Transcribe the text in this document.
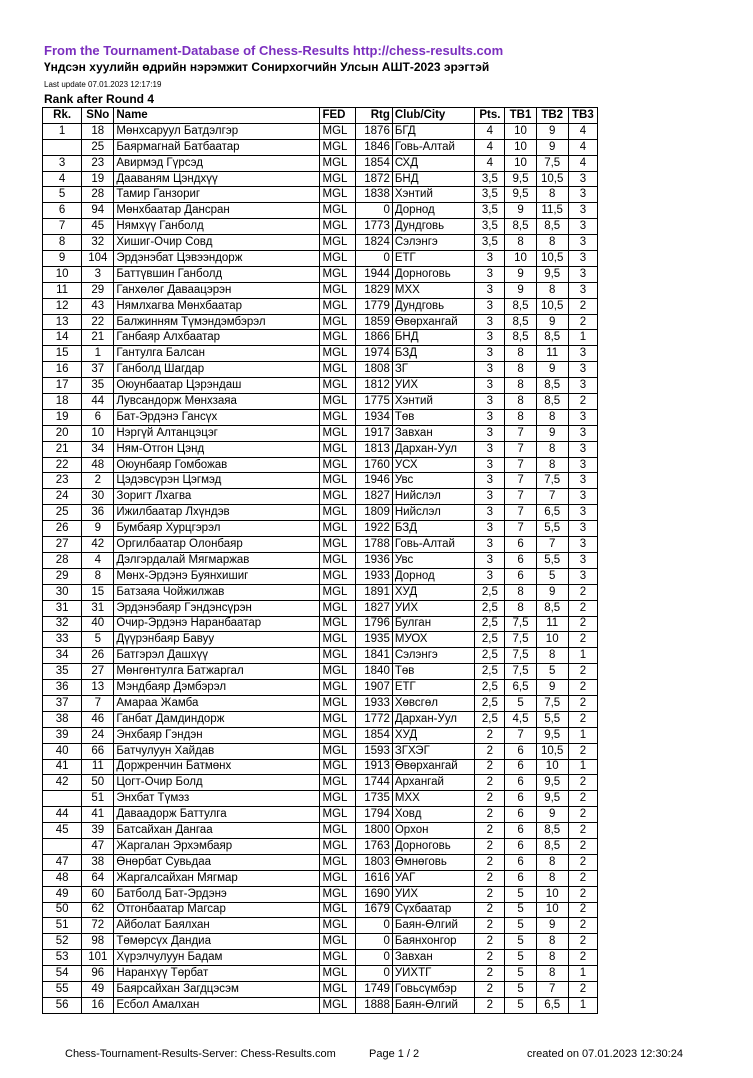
From the Tournament-Database of Chess-Results http://chess-results.com
Үндсэн хуулийн өдрийн нэрэмжит Сонирхогчийн Улсын АШТ-2023 эрэгтэй
Last update 07.01.2023 12:17:19
Rank after Round 4
Rk.	SNo	Name	FED	Rtg	Club/City	Pts.	TB1	TB2	TB3
1	18	Мөнхсаруул Батдэлгэр	MGL	1876	БГД	4	10	9	4
	25	Баярмагнай Батбаатар	MGL	1846	Говь-Алтай	4	10	9	4
3	23	Авирмэд Гүрсэд	MGL	1854	СХД	4	10	7,5	4
4	19	Дааваням Цэндхүү	MGL	1872	БНД	3,5	9,5	10,5	3
5	28	Тамир Ганзориг	MGL	1838	Хэнтий	3,5	9,5	8	3
6	94	Мөнхбаатар Дансран	MGL	0	Дорнод	3,5	9	11,5	3
7	45	Нямхүү Ганболд	MGL	1773	Дундговь	3,5	8,5	8,5	3
8	32	Хишиг-Очир Совд	MGL	1824	Сэлэнгэ	3,5	8	8	3
9	104	Эрдэнэбат Цэвээндорж	MGL	0	ЕТГ	3	10	10,5	3
10	3	Баттүвшин Ганболд	MGL	1944	Дорноговь	3	9	9,5	3
11	29	Ганхөлөг Даваацэрэн	MGL	1829	МХХ	3	9	8	3
12	43	Нямлхагва Мөнхбаатар	MGL	1779	Дундговь	3	8,5	10,5	2
13	22	Балжинням Түмэндэмбэрэл	MGL	1859	Өвөрхангай	3	8,5	9	2
14	21	Ганбаяр Алхбаатар	MGL	1866	БНД	3	8,5	8,5	1
15	1	Гантулга Балсан	MGL	1974	БЗД	3	8	11	3
16	37	Ганболд Шагдар	MGL	1808	ЗГ	3	8	9	3
17	35	Оюунбаатар Цэрэндаш	MGL	1812	УИХ	3	8	8,5	3
18	44	Лувсандорж Мөнхзаяа	MGL	1775	Хэнтий	3	8	8,5	2
19	6	Бат-Эрдэнэ Гансүх	MGL	1934	Төв	3	8	8	3
20	10	Нэргүй Алтанцэцэг	MGL	1917	Завхан	3	7	9	3
21	34	Ням-Отгон Цэнд	MGL	1813	Дархан-Уул	3	7	8	3
22	48	Оюунбаяр Гомбожав	MGL	1760	УСХ	3	7	8	3
23	2	Цэдэвсүрэн Цэгмэд	MGL	1946	Увс	3	7	7,5	3
24	30	Зоригт Лхагва	MGL	1827	Нийслэл	3	7	7	3
25	36	Ижилбаатар Лхүндэв	MGL	1809	Нийслэл	3	7	6,5	3
26	9	Бумбаяр Хурцгэрэл	MGL	1922	БЗД	3	7	5,5	3
27	42	Оргилбаатар Олонбаяр	MGL	1788	Говь-Алтай	3	6	7	3
28	4	Дэлгэрдалай Мягмаржав	MGL	1936	Увс	3	6	5,5	3
29	8	Мөнх-Эрдэнэ Буянхишиг	MGL	1933	Дорнод	3	6	5	3
30	15	Батзаяа Чойжилжав	MGL	1891	ХУД	2,5	8	9	2
31	31	Эрдэнэбаяр Гэндэнсүрэн	MGL	1827	УИХ	2,5	8	8,5	2
32	40	Очир-Эрдэнэ Наранбаатар	MGL	1796	Булган	2,5	7,5	11	2
33	5	Дүүрэнбаяр Бавуу	MGL	1935	МУОХ	2,5	7,5	10	2
34	26	Батгэрэл Дашхүү	MGL	1841	Сэлэнгэ	2,5	7,5	8	1
35	27	Мөнгөнтулга Батжаргал	MGL	1840	Төв	2,5	7,5	5	2
36	13	Мэндбаяр Дэмбэрэл	MGL	1907	ЕТГ	2,5	6,5	9	2
37	7	Амараа Жамба	MGL	1933	Хөвсгөл	2,5	5	7,5	2
38	46	Ганбат Дамдиндорж	MGL	1772	Дархан-Уул	2,5	4,5	5,5	2
39	24	Энхбаяр Гэндэн	MGL	1854	ХУД	2	7	9,5	1
40	66	Батчулуун Хайдав	MGL	1593	ЗГХЭГ	2	6	10,5	2
41	11	Доржренчин Батмөнх	MGL	1913	Өвөрхангай	2	6	10	1
42	50	Цогт-Очир Болд	MGL	1744	Архангай	2	6	9,5	2
	51	Энхбат Түмэз	MGL	1735	МХХ	2	6	9,5	2
44	41	Даваадорж Баттулга	MGL	1794	Ховд	2	6	9	2
45	39	Батсайхан Дангаа	MGL	1800	Орхон	2	6	8,5	2
	47	Жаргалан Эрхэмбаяр	MGL	1763	Дорноговь	2	6	8,5	2
47	38	Өнөрбат Сувьдаа	MGL	1803	Өмнөговь	2	6	8	2
48	64	Жаргалсайхан Мягмар	MGL	1616	УАГ	2	6	8	2
49	60	Батболд Бат-Эрдэнэ	MGL	1690	УИХ	2	5	10	2
50	62	Отгонбаатар Магсар	MGL	1679	Сүхбаатар	2	5	10	2
51	72	Айболат Баялхан	MGL	0	Баян-Өлгий	2	5	9	2
52	98	Төмөрсүх Дандиа	MGL	0	Баянхонгор	2	5	8	2
53	101	Хүрэлчулуун Бадам	MGL	0	Завхан	2	5	8	2
54	96	Наранхүү Төрбат	MGL	0	УИХТГ	2	5	8	1
55	49	Баярсайхан Загдцэсэм	MGL	1749	Говьсүмбэр	2	5	7	2
56	16	Есбол Амалхан	MGL	1888	Баян-Өлгий	2	5	6,5	1
Chess-Tournament-Results-Server: Chess-Results.com	Page 1 / 2	created on 07.01.2023 12:30:24
